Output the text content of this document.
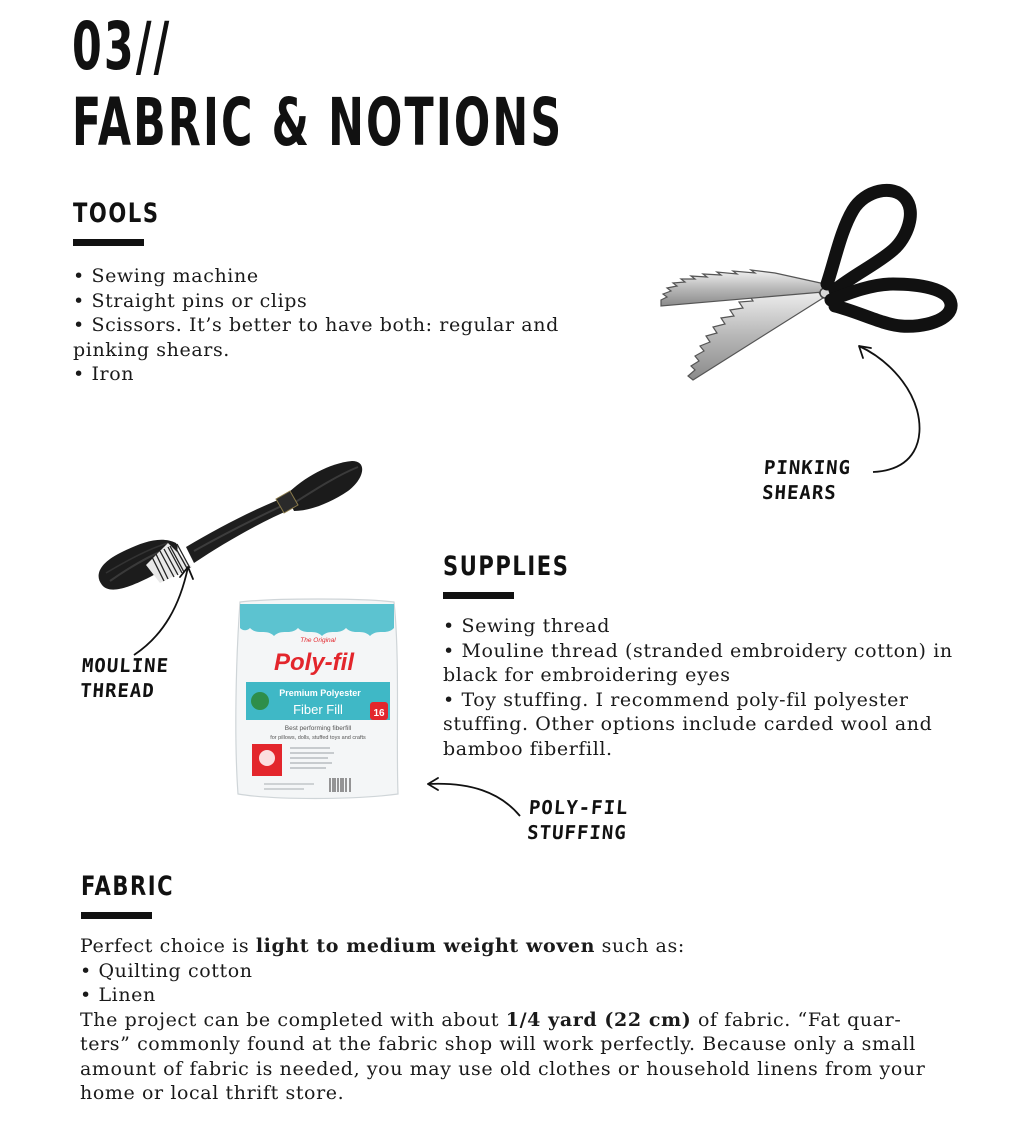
03//
FABRIC & NOTIONS
TOOLS

• Sewing machine

• Straight pins or clips

• Scissors. It’s better to have both: regular and

pinking shears.

• Iron

PINKING
SHEARS
MOULINE
THREAD
The Original
Poly-fil
Premium Polyester
Fiber Fill	16
Best performing fiberfill
for pillows, dolls, stuffed toys and crafts
POLY-FIL
STUFFING
SUPPLIES

• Sewing thread

• Mouline thread (stranded embroidery cotton) in

black for embroidering eyes

• Toy stuffing. I recommend poly-fil polyester

stuffing. Other options include carded wool and

bamboo fiberfill.

FABRIC

Perfect choice is light to medium weight woven such as:

• Quilting cotton

• Linen

The project can be completed with about 1/4 yard (22 cm) of fabric. “Fat quar-

ters” commonly found at the fabric shop will work perfectly. Because only a small

amount of fabric is needed, you may use old clothes or household linens from your

home or local thrift store.
